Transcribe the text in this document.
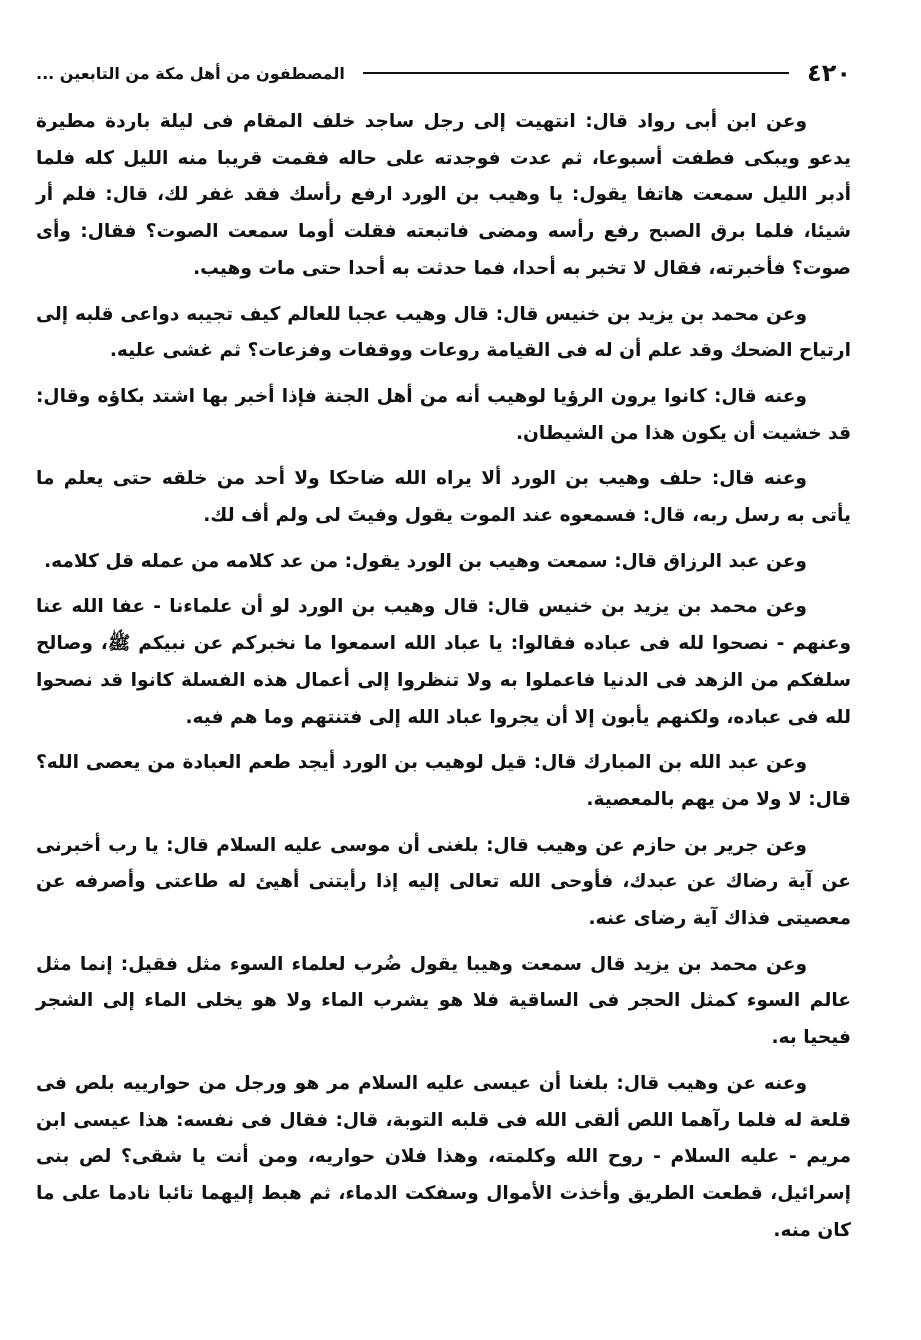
٤٢٠
المصطفون من أهل مكة من التابعين ...

وعن ابن أبى رواد قال: انتهيت إلى رجل ساجد خلف المقام فى ليلة باردة مطيرة يدعو ويبكى فطفت أسبوعا، ثم عدت فوجدته على حاله فقمت قريبا منه الليل كله فلما أدبر الليل سمعت هاتفا يقول: يا وهيب بن الورد ارفع رأسك فقد غفر لك، قال: فلم أر شيئا، فلما برق الصبح رفع رأسه ومضى فاتبعته فقلت أوما سمعت الصوت؟ فقال: وأى صوت؟ فأخبرته، فقال لا تخبر به أحدا، فما حدثت به أحدا حتى مات وهيب.

وعن محمد بن يزيد بن خنيس قال: قال وهيب عجبا للعالم كيف تجيبه دواعى قلبه إلى ارتياح الضحك وقد علم أن له فى القيامة روعات ووقفات وفزعات؟ ثم غشى عليه.

وعنه قال: كانوا يرون الرؤيا لوهيب أنه من أهل الجنة فإذا أخبر بها اشتد بكاؤه وقال: قد خشيت أن يكون هذا من الشيطان.

وعنه قال: حلف وهيب بن الورد ألا يراه الله ضاحكا ولا أحد من خلقه حتى يعلم ما يأتى به رسل ربه، قال: فسمعوه عند الموت يقول وفيتَ لى ولم أف لك.

وعن عبد الرزاق قال: سمعت وهيب بن الورد يقول: من عد كلامه من عمله قل كلامه.

وعن محمد بن يزيد بن خنيس قال: قال وهيب بن الورد لو أن علماءنا - عفا الله عنا وعنهم - نصحوا لله فى عباده فقالوا: يا عباد الله اسمعوا ما نخبركم عن نبيكم ﷺ، وصالح سلفكم من الزهد فى الدنيا فاعملوا به ولا تنظروا إلى أعمال هذه الفسلة كانوا قد نصحوا لله فى عباده، ولكنهم يأبون إلا أن يجروا عباد الله إلى فتنتهم وما هم فيه.

وعن عبد الله بن المبارك قال: قيل لوهيب بن الورد أيجد طعم العبادة من يعصى الله؟ قال: لا ولا من يهم بالمعصية.

وعن جرير بن حازم عن وهيب قال: بلغنى أن موسى عليه السلام قال: يا رب أخبرنى عن آية رضاك عن عبدك، فأوحى الله تعالى إليه إذا رأيتنى أهيئ له طاعتى وأصرفه عن معصيتى فذاك آية رضاى عنه.

وعن محمد بن يزيد قال سمعت وهيبا يقول ضُرب لعلماء السوء مثل فقيل: إنما مثل عالم السوء كمثل الحجر فى الساقية فلا هو يشرب الماء ولا هو يخلى الماء إلى الشجر فيحيا به.

وعنه عن وهيب قال: بلغنا أن عيسى عليه السلام مر هو ورجل من حوارييه بلص فى قلعة له فلما رآهما اللص ألقى الله فى قلبه التوبة، قال: فقال فى نفسه: هذا عيسى ابن مريم - عليه السلام - روح الله وكلمته، وهذا فلان حواريه، ومن أنت يا شقى؟ لص بنى إسرائيل، قطعت الطريق وأخذت الأموال وسفكت الدماء، ثم هبط إليهما تائبا نادما على ما كان منه.
